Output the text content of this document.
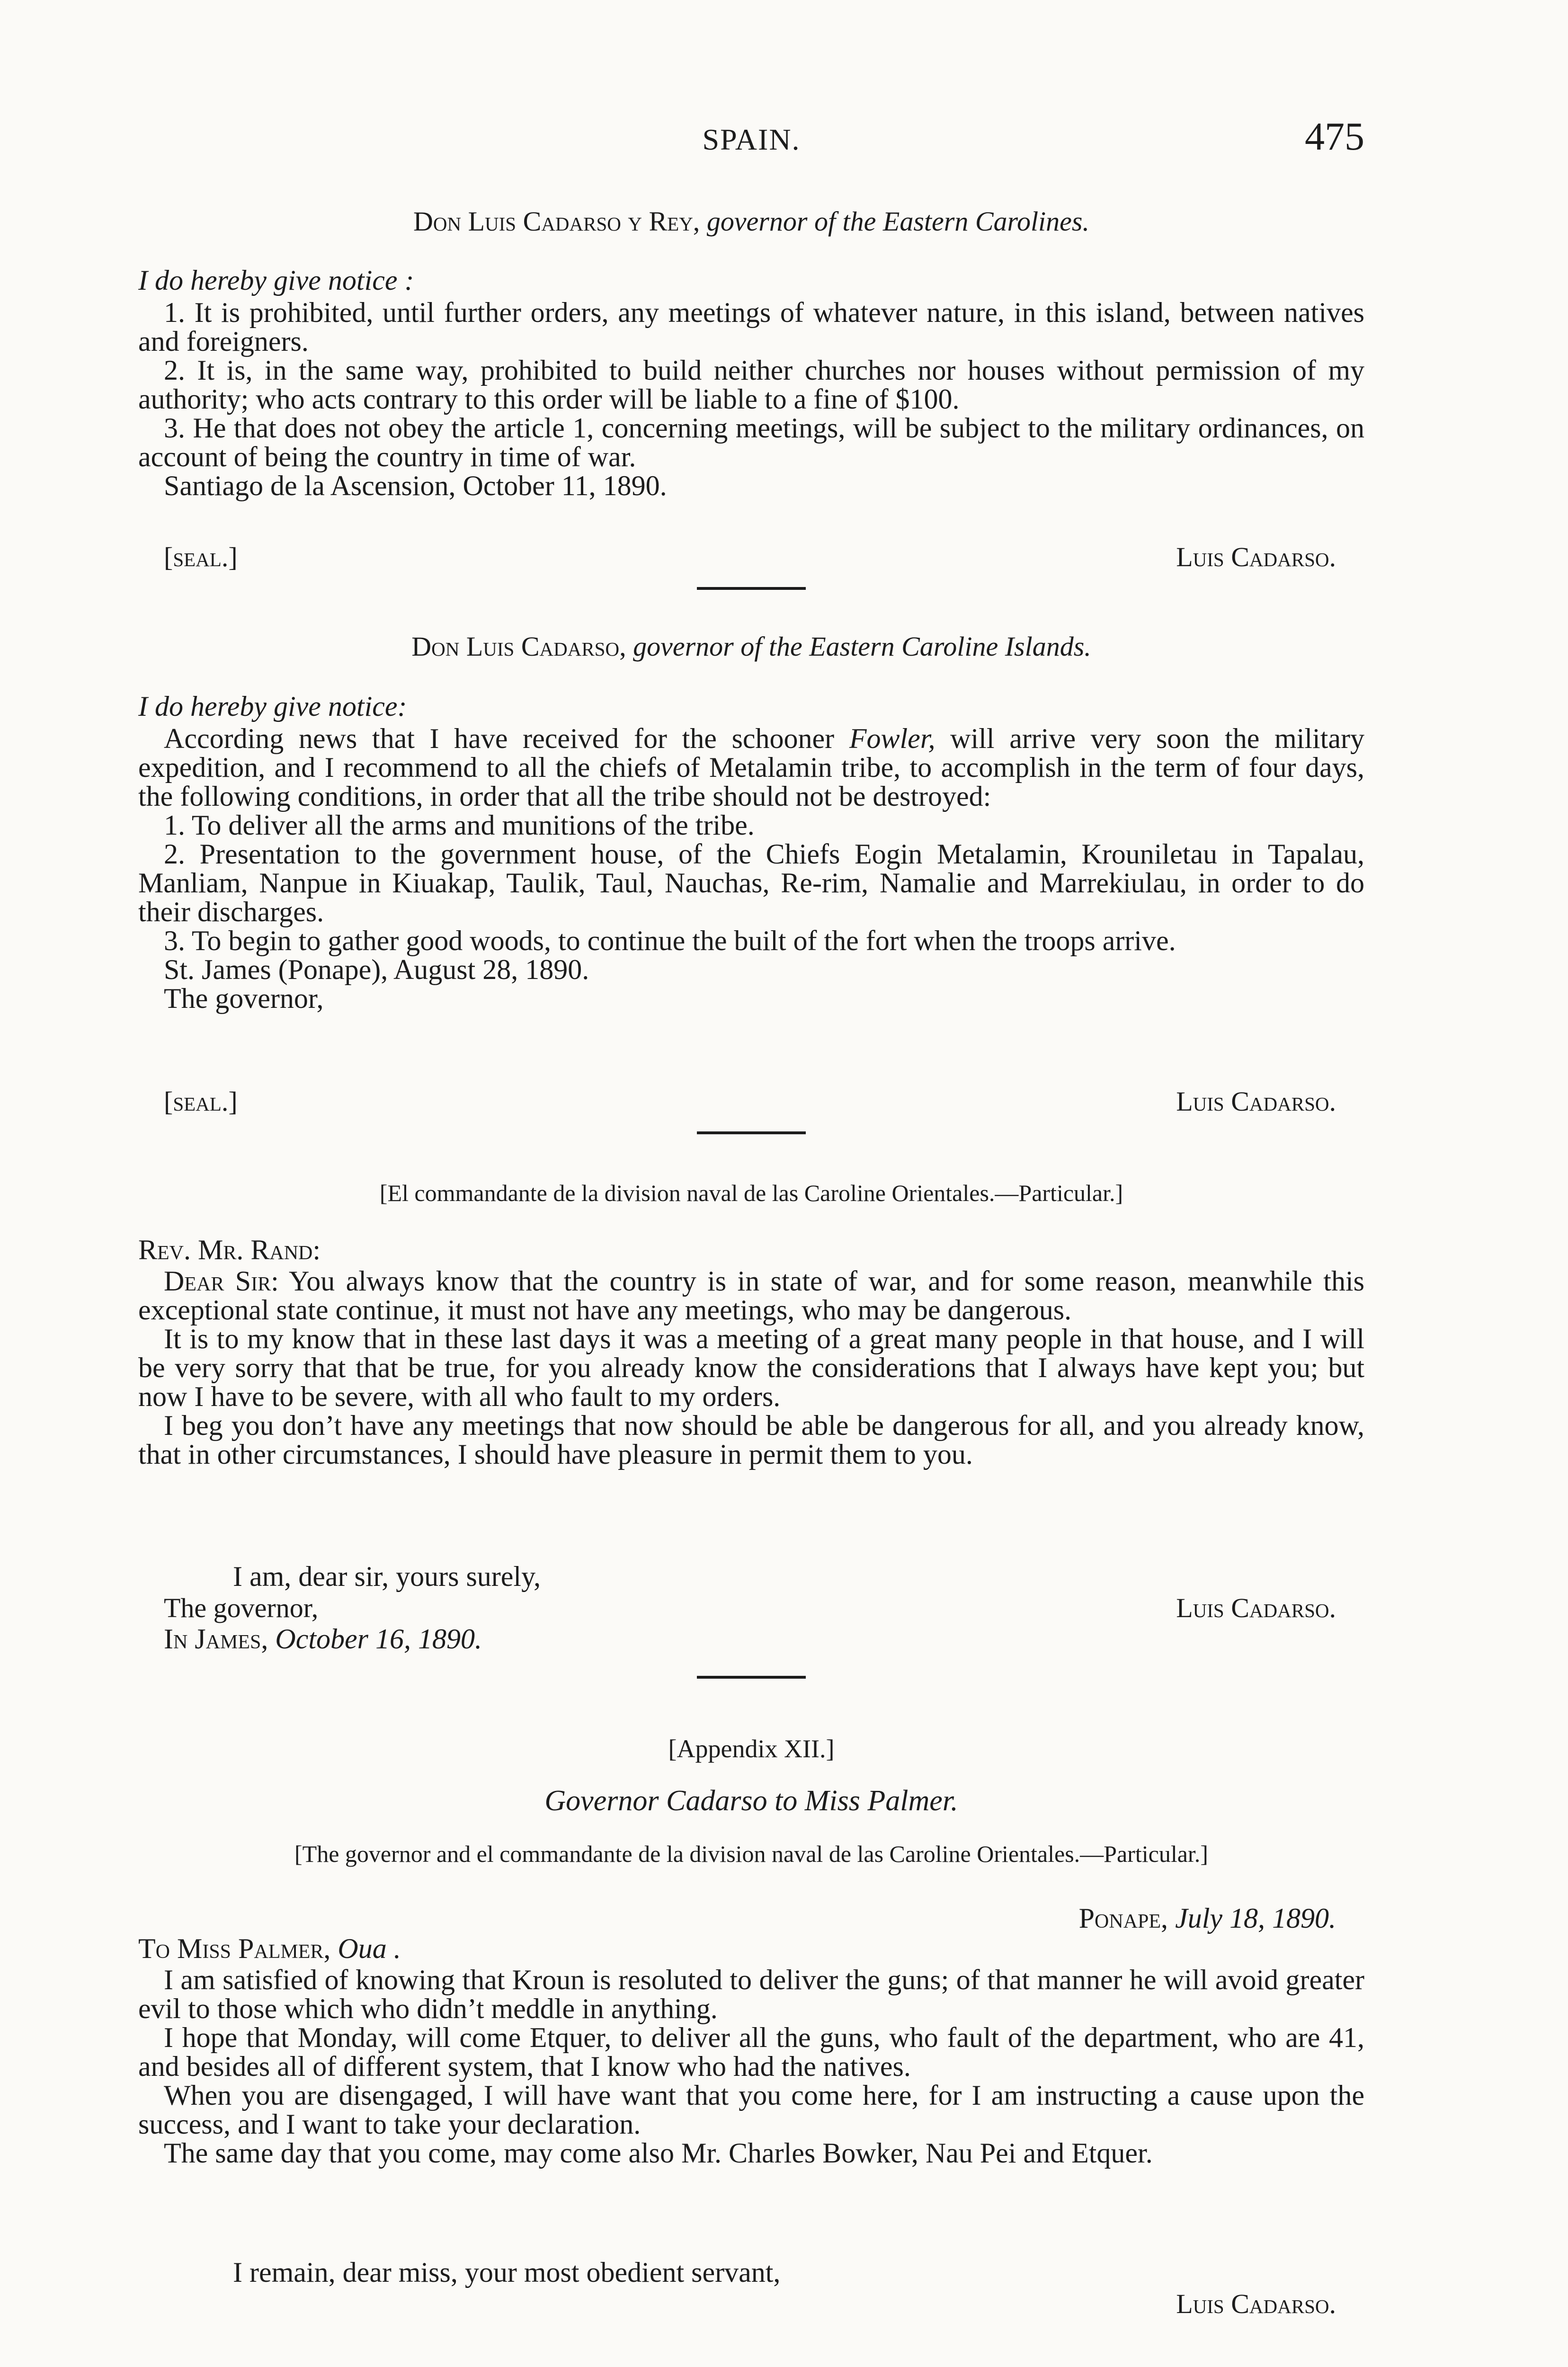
SPAIN.	475
Don Luis Cadarso y Rey, governor of the Eastern Carolines.
I do hereby give notice :

1. It is prohibited, until further orders, any meetings of whatever nature, in this island, between natives and foreigners.

2. It is, in the same way, prohibited to build neither churches nor houses without permission of my authority; who acts contrary to this order will be liable to a fine of $100.

3. He that does not obey the article 1, concerning meetings, will be subject to the military ordinances, on account of being the country in time of war.

Santiago de la Ascension, October 11, 1890.

[seal.]	Luis Cadarso.
Don Luis Cadarso, governor of the Eastern Caroline Islands.
I do hereby give notice:

According news that I have received for the schooner Fowler, will arrive very soon the military expedition, and I recommend to all the chiefs of Metalamin tribe, to accomplish in the term of four days, the following conditions, in order that all the tribe should not be destroyed:

1. To deliver all the arms and munitions of the tribe.

2. Presentation to the government house, of the Chiefs Eogin Metalamin, Krouniletau in Tapalau, Manliam, Nanpue in Kiuakap, Taulik, Taul, Nauchas, Re-rim, Namalie and Marrekiulau, in order to do their discharges.

3. To begin to gather good woods, to continue the built of the fort when the troops arrive.

St. James (Ponape), August 28, 1890.

The governor,

[seal.]	Luis Cadarso.
[El commandante de la division naval de las Caroline Orientales.—Particular.]
Rev. Mr. Rand:

Dear Sir: You always know that the country is in state of war, and for some reason, meanwhile this exceptional state continue, it must not have any meetings, who may be dangerous.

It is to my know that in these last days it was a meeting of a great many people in that house, and I will be very sorry that that be true, for you already know the considerations that I always have kept you; but now I have to be severe, with all who fault to my orders.

I beg you don’t have any meetings that now should be able be dangerous for all, and you already know, that in other circumstances, I should have pleasure in permit them to you.

I am, dear sir, yours surely,
The governor,	Luis Cadarso.
In James, October 16, 1890.
[Appendix XII.]
Governor Cadarso to Miss Palmer.
[The governor and el commandante de la division naval de las Caroline Orientales.—Particular.]
Ponape, July 18, 1890.
To Miss Palmer, Oua .

I am satisfied of knowing that Kroun is resoluted to deliver the guns; of that manner he will avoid greater evil to those which who didn’t meddle in anything.

I hope that Monday, will come Etquer, to deliver all the guns, who fault of the department, who are 41, and besides all of different system, that I know who had the natives.

When you are disengaged, I will have want that you come here, for I am instructing a cause upon the success, and I want to take your declaration.

The same day that you come, may come also Mr. Charles Bowker, Nau Pei and Etquer.

I remain, dear miss, your most obedient servant,
Luis Cadarso.
